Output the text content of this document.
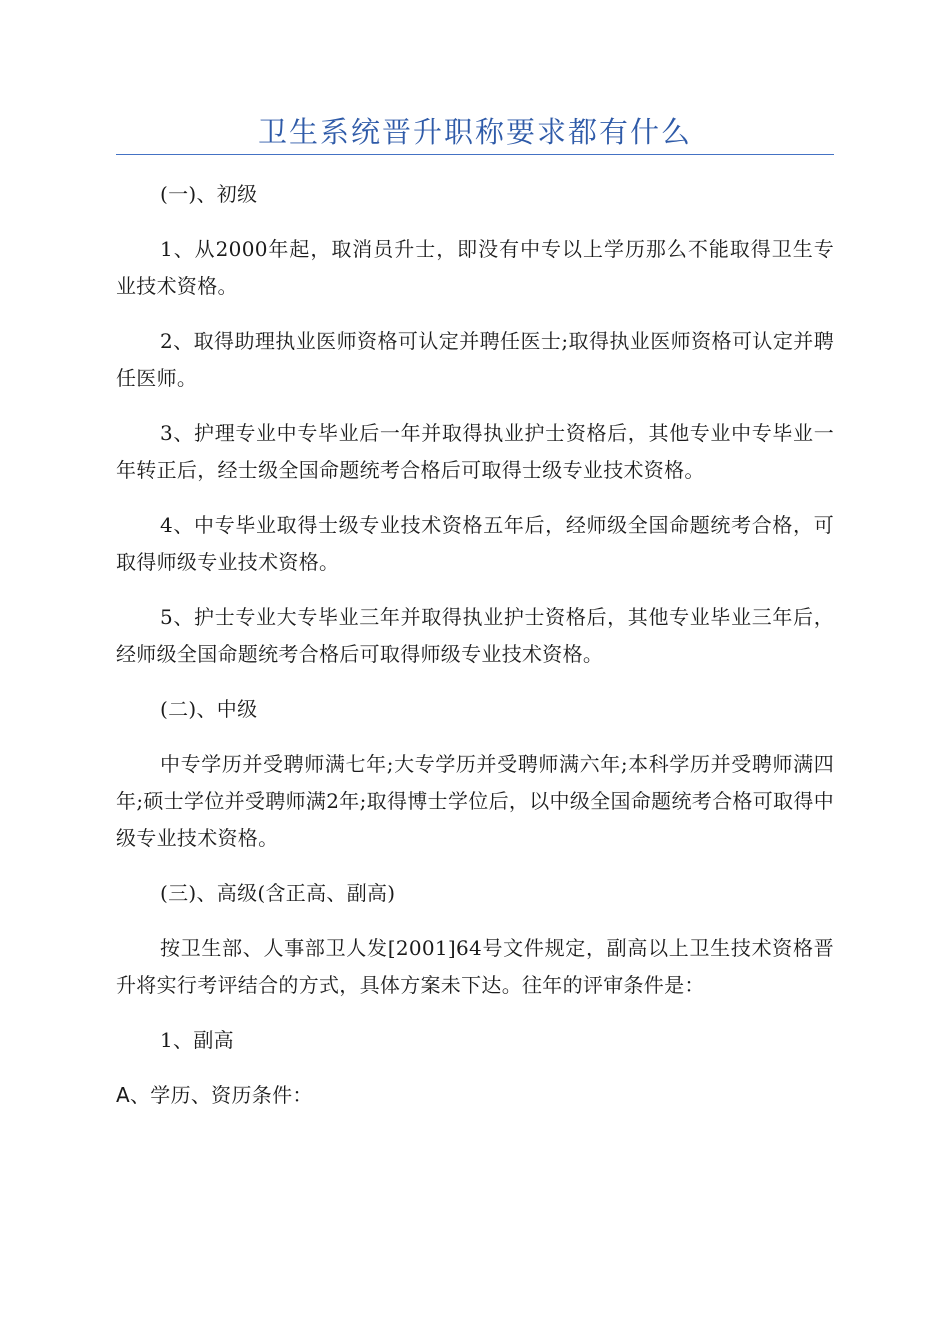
卫生系统晋升职称要求都有什么

(一)、初级

1、从2000年起，取消员升士，即没有中专以上学历那么不能取得卫生专业技术资格。

2、取得助理执业医师资格可认定并聘任医士;取得执业医师资格可认定并聘任医师。

3、护理专业中专毕业后一年并取得执业护士资格后，其他专业中专毕业一年转正后，经士级全国命题统考合格后可取得士级专业技术资格。

4、中专毕业取得士级专业技术资格五年后，经师级全国命题统考合格，可取得师级专业技术资格。

5、护士专业大专毕业三年并取得执业护士资格后，其他专业毕业三年后，经师级全国命题统考合格后可取得师级专业技术资格。

(二)、中级

中专学历并受聘师满七年;大专学历并受聘师满六年;本科学历并受聘师满四年;硕士学位并受聘师满2年;取得博士学位后，以中级全国命题统考合格可取得中级专业技术资格。

(三)、高级(含正高、副高)

按卫生部、人事部卫人发[2001]64号文件规定，副高以上卫生技术资格晋升将实行考评结合的方式，具体方案未下达。往年的评审条件是：

1、副高

A、学历、资历条件：
